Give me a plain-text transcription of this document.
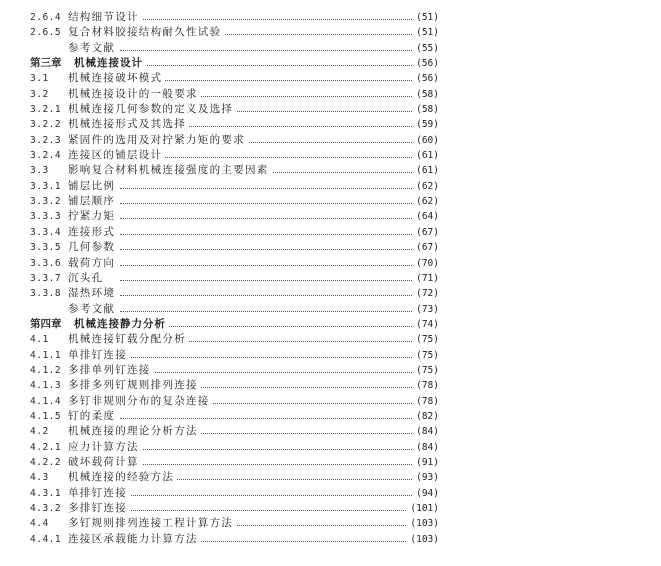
2.6.4 结构细节设计	(51)
2.6.5 复合材料胶接结构耐久性试验	(51)
参考文献	(55)
第三章	机械连接设计	(56)
3.1	机械连接破坏模式	(56)
3.2	机械连接设计的一般要求	(58)
3.2.1 机械连接几何参数的定义及选择	(58)
3.2.2 机械连接形式及其选择	(59)
3.2.3 紧固件的选用及对拧紧力矩的要求	(60)
3.2.4 连接区的铺层设计	(61)
3.3	影响复合材料机械连接强度的主要因素	(61)
3.3.1 铺层比例	(62)
3.3.2 铺层顺序	(62)
3.3.3 拧紧力矩	(64)
3.3.4 连接形式	(67)
3.3.5 几何参数	(67)
3.3.6 载荷方向	(70)
3.3.7 沉头孔	(71)
3.3.8 湿热环境	(72)
参考文献	(73)
第四章	机械连接静力分析	(74)
4.1	机械连接钉载分配分析	(75)
4.1.1 单排钉连接	(75)
4.1.2 多排单列钉连接	(75)
4.1.3 多排多列钉规则排列连接	(78)
4.1.4 多钉非规则分布的复杂连接	(78)
4.1.5 钉的柔度	(82)
4.2	机械连接的理论分析方法	(84)
4.2.1 应力计算方法	(84)
4.2.2 破坏载荷计算	(91)
4.3	机械连接的经验方法	(93)
4.3.1 单排钉连接	(94)
4.3.2 多排钉连接	(101)
4.4	多钉规则排列连接工程计算方法	(103)
4.4.1 连接区承载能力计算方法	(103)
